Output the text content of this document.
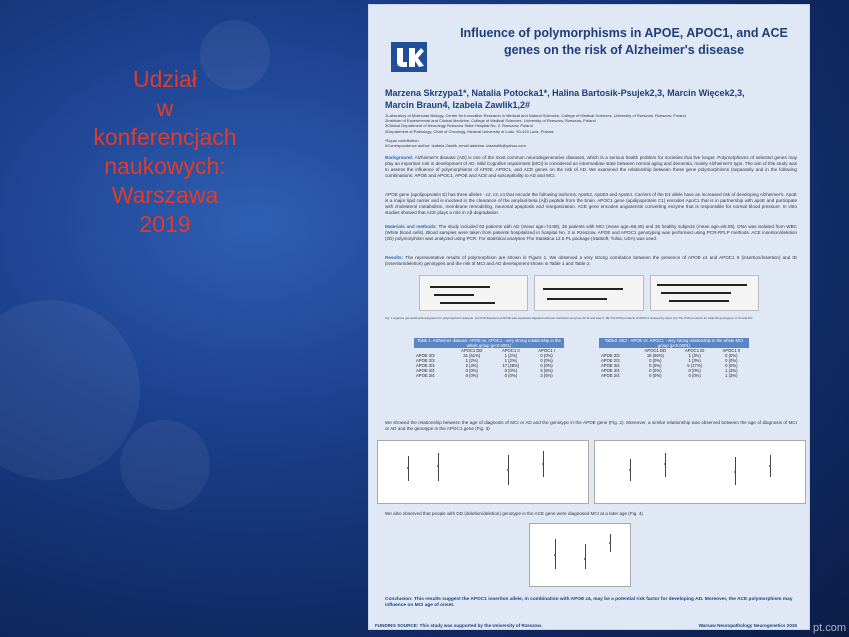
Udział
w
konferencjach
naukowych:
Warszawa
2019
Influence of polymorphisms in APOE, APOC1, and ACE
genes on the risk of Alzheimer's disease
Marzena Skrzypa1*, Natalia Potocka1*, Halina Bartosik-Psujek2,3, Marcin Więcek2,3,
Marcin Braun4, Izabela Zawlik1,2#
1Laboratory of Molecular Biology, Centre for Innovative Research in Medical and Natural Sciences, College of Medical Sciences, University of Rzeszow, Rzeszow, Poland
2Institute of Experimental and Clinical Medicine, College of Medical Sciences, University of Rzeszow, Rzeszow, Poland
3Clinical Department of Neurology Rzeszow State Hospital No. 2, Rzeszow, Poland
4Department of Pathology, Chair of Oncology, Medical University of Lodz, 90-419 Lodz, Poland;
*Equal contribution
#Correspondence author: Izabela Zawlik, email address: izazawlik@yahoo.com
Background: Alzheimer's disease (AD) is one of the most common neurodegenerative diseases, which is a serious health problem for societies that live longer. Polymorphisms of selected genes may play an important role in development of AD. Mild Cognitive Impairment (MCI) is considered an intermediate state between normal aging and dementia, mainly Alzheimer's type. The aim of this study was to assess the influence of polymorphisms of APOE, APOC1, and ACE genes on the risk of AD. We examined the relationship between these gene polymorphisms (separately and in the following combinations: APOE and APOC1, APOE and ACE and susceptibility to AD and MCI.
APOE gene (apolipoprotein E) has three alleles - ε2, ε3, ε4 that encode the following isoforms: ApoE2, ApoE3 and ApoE4. Carriers of the E4 allele have an increased risk of developing Alzheimer's. ApoE is a major lipid carrier and is involved in the clearance of the amyloid-beta (Aβ) peptide from the brain. APOC1 gene (apolipoprotein C1) encodes ApoC1 that is in partnership with apoE and participate with cholesterol metabolism, membrane remodeling, neuronal apoptosis and reorganization. ACE gene encodes angiotensin converting enzyme that is responsible for normal blood pressure. In vitro studies showed that ACE plays a role in Aβ degradation.
Materials and methods: The study included 63 patients with AD (mean age=74.88), 35 patients with MCI (mean age=68.45) and 35 healthy subjects (mean age=66.05). DNA was isolated from WBC (White blood cells). Blood samples were taken from patients hospitalized in hospital No. 2 in Rzeszow. APOE and APOC1 genotyping was performed using PCR-RFLP methods. ACE insertion/deletion (I/D) polymorphism was analyzed using PCR. For statistical analyses The Statistica 12.5 PL package (Statsoft, Tulsa, USA) was used.
Results: The representative results of polymorphism are shown in Figure 1. We observed a very strong correlation between the presence of APOE ε4 and APOC1 II (insertion/insertion) and ID (insertion/deletion) genotypes and the risk of MCI and AD development shown in Table 1 and Table 2.
Fig. 1 Agarose gel electrophoretograms for polymorphism analysis. (A) PCR fragment of APOE was separated digested with two restriction enzymes Afl III and Hae II. (B) The PCR products of APOC1 cleaved by HpaI. (C) The PCR products for ACE I/D genotypes: II, ID and DD.
Table 1. Alzheimer disease: APOE vs. APOC1 - very strong relationship in the whole group (p<0.0001)			
	APOC1 DD	APOC1 II	APOC1 I
APOE 3/3	31 (51%)	1 (2%)	0 (0%)
APOE 2/3	1 (2%)	1 (2%)	0 (0%)
APOE 3/4	2 (3%)	17 (28%)	0 (0%)
APOE 4/4	0 (0%)	0 (0%)	5 (8%)
APOE 2/4	0 (0%)	0 (0%)	3 (5%)
Table2. MCI - APOE vs. APOC1 - very strong relationship in the whole MCI group (p<0.0001)			
	APOC1 DD	APOC1 ID	APOC1 II
APOE 3/3	19 (66%)	1 (3%)	0 (0%)
APOE 2/3	0 (0%)	1 (3%)	0 (0%)
APOE 3/4	0 (0%)	5 (17%)	0 (0%)
APOE 4/4	0 (0%)	0 (0%)	1 (3%)
APOE 2/4	0 (0%)	0 (0%)	1 (3%)
We showed the relationship between the age of diagnosis of MCI or AD and the genotype in the APOE gene (Fig. 2). Moreover, a similar relationship was observed between the age of diagnosis of MCI or AD and the genotype in the APOC1 gene (Fig. 3)
We also observed that people with DD (deletion/deletion) genotype in the ACE gene were diagnosed MCI at a later age (Fig. 4)
Conclusion: This results suggest the APOC1 insertion allele, in combination with APOE ε4, may be a potential risk factor for developing AD. Moreover, the ACE polymorphism may influence on MCI age of onset.
FUNDING SOURCE: This study was supported by the University of Rzeszow.	Warsaw Neuropathology Neurogenetics 2019 pt.com
